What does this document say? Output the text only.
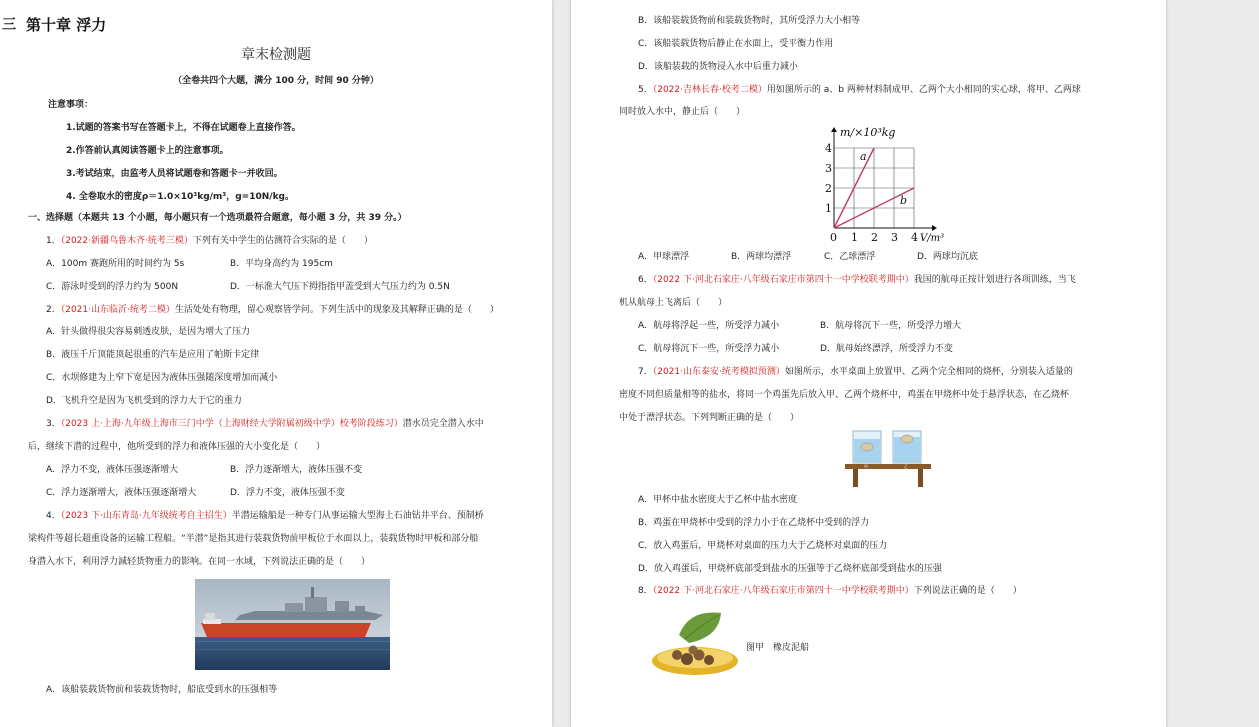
三 第十章 浮力
章末检测题
（全卷共四个大题，满分 100 分，时间 90 分钟）
注意事项：
1.试题的答案书写在答题卡上，不得在试题卷上直接作答。
2.作答前认真阅读答题卡上的注意事项。
3.考试结束，由监考人员将试题卷和答题卡一并收回。
4. 全卷取水的密度ρ＝1.0×10³kg/m³，g=10N/kg。
一、选择题（本题共 13 个小题，每小题只有一个选项最符合题意，每小题 3 分，共 39 分。）
1．（2022·新疆乌鲁木齐·统考三模）下列有关中学生的估测符合实际的是（　　）
A．100m 赛跑所用的时间约为 5s	B．平均身高约为 195cm
C．游泳时受到的浮力约为 500N	D．一标准大气压下拇指指甲盖受到大气压力约为 0.5N
2．（2021·山东临沂·统考二模）生活处处有物理，留心观察皆学问。下列生活中的现象及其解释正确的是（　　）
A．针头做得很尖容易刺透皮肤，是因为增大了压力
B．液压千斤顶能顶起很重的汽车是应用了帕斯卡定律
C．水坝修建为上窄下宽是因为液体压强随深度增加而减小
D．飞机升空是因为飞机受到的浮力大于它的重力
3．（2023 上·上海·九年级上海市三门中学（上海财经大学附属初级中学）校考阶段练习）潜水员完全潜入水中
后，继续下潜的过程中，他所受到的浮力和液体压强的大小变化是（　　）
A．浮力不变，液体压强逐渐增大	B．浮力逐渐增大，液体压强不变
C．浮力逐渐增大，液体压强逐渐增大	D．浮力不变，液体压强不变
4．（2023 下·山东青岛·九年级统考自主招生）半潜运输船是一种专门从事运输大型海上石油钻井平台、预制桥
梁构件等超长超重设备的运输工程船。“半潜”是指其进行装载货物前甲板位于水面以上，装载货物时甲板和部分船
身潜入水下，利用浮力減轻货物重力的影响。在同一水域，下列说法正确的是（　　）
A．该船装载货物前和装载货物时，船底受到水的压强相等
B．该船装载货物前和装载货物时，其所受浮力大小相等
C．该船装载货物后静止在水面上，受平衡力作用
D．该船装载的货物浸入水中后重力减小
5．（2022·吉林长春·校考二模）用如图所示的 a、b 两种材料制成甲、乙两个大小相同的实心球，将甲、乙两球
同时放入水中，静止后（　　）
1
2
3
4
1 2 3 4
0
m/×10³kg
V/m³
a
b
A．甲球漂浮	B．两球均漂浮	C．乙球漂浮	D．两球均沉底
6．（2022 下·河北石家庄·八年级石家庄市第四十一中学校联考期中）我国的航母正按计划进行各项训练，当飞
机从航母上飞离后（　　）
A．航母将浮起一些，所受浮力减小	B．航母将沉下一些，所受浮力增大
C．航母将沉下一些，所受浮力减小	D．航母始终漂浮，所受浮力不变
7．（2021·山东泰安·统考模拟预测）如图所示，水平桌面上放置甲、乙两个完全相同的烧杯，分别装入适量的
密度不同但质量相等的盐水，将同一个鸡蛋先后放入甲、乙两个烧杯中，鸡蛋在甲烧杯中处于悬浮状态，在乙烧杯
中处于漂浮状态。下列判断正确的是（　　）
甲	乙
A．甲杯中盐水密度大于乙杯中盐水密度
B．鸡蛋在甲烧杯中受到的浮力小于在乙烧杯中受到的浮力
C．放入鸡蛋后，甲烧杯对桌面的压力大于乙烧杯对桌面的压力
D．放入鸡蛋后，甲烧杯底部受到盐水的压强等于乙烧杯底部受到盐水的压强
8．（2022 下·河北石家庄·八年级石家庄市第四十一中学校联考期中）下列说法正确的是（　　）
图甲　橡皮泥船
